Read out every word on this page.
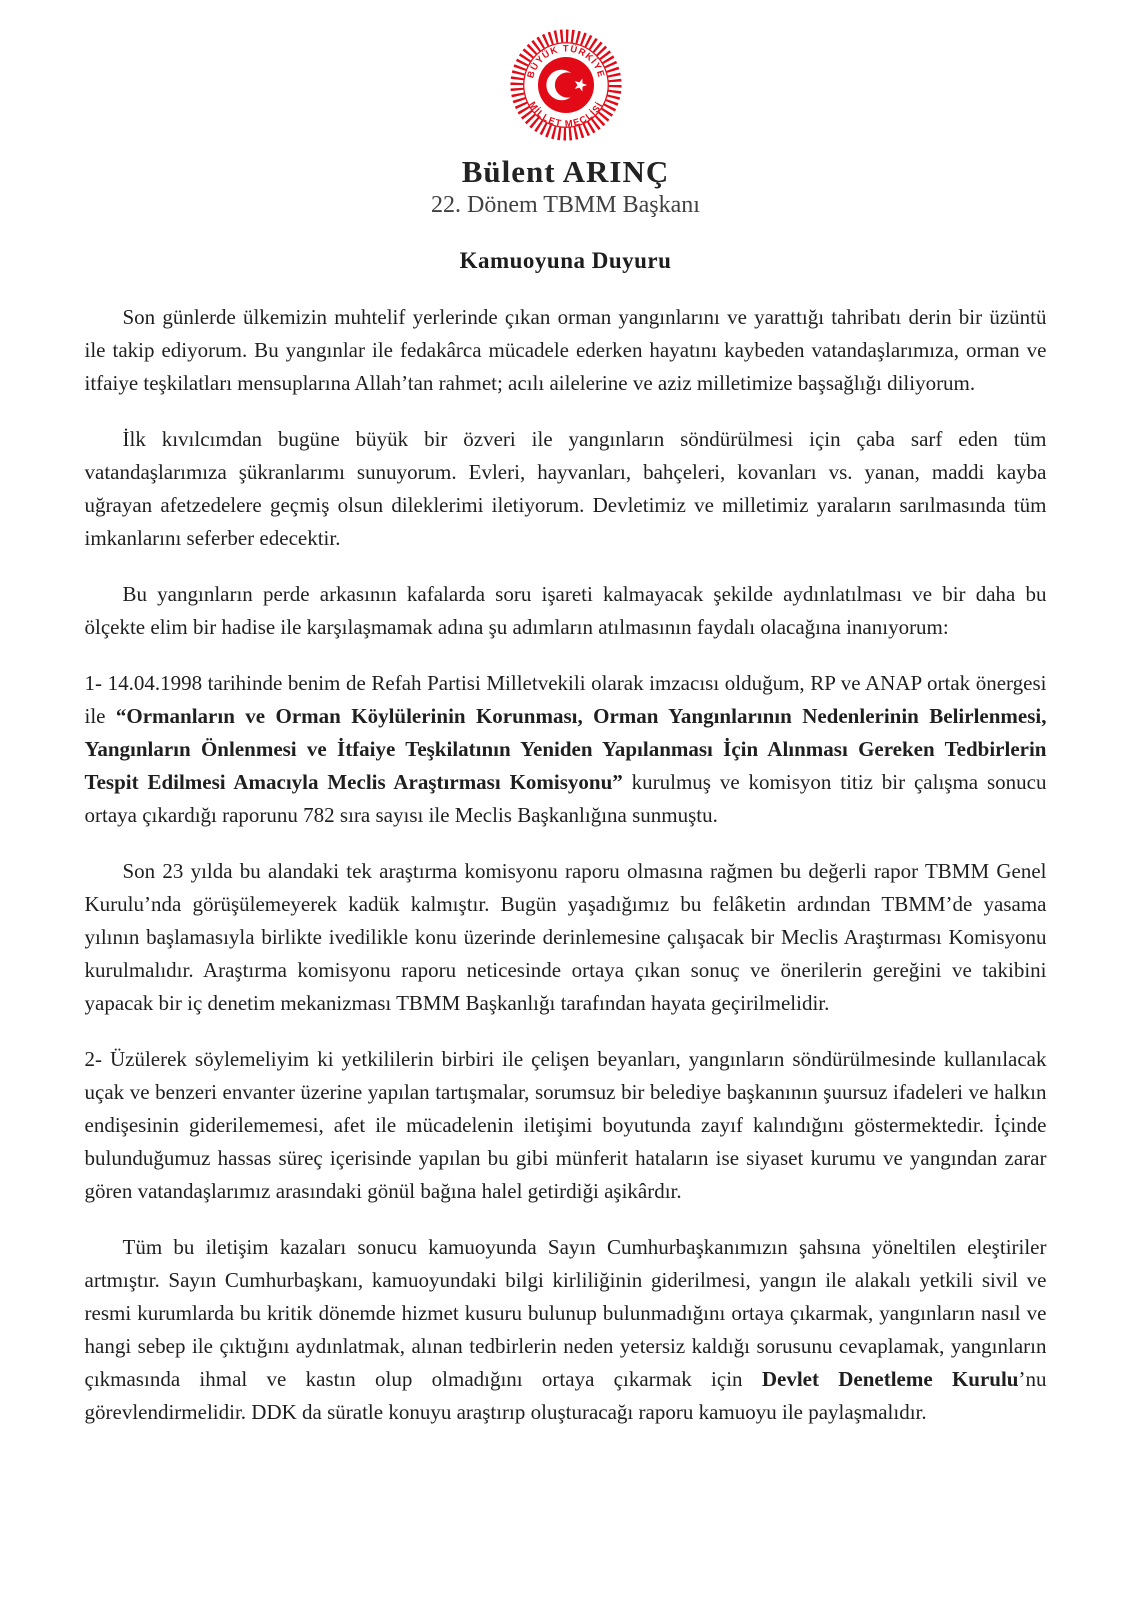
BÜYÜK TÜRKİYE
MİLLET MECLİSİ
Bülent ARINÇ
22. Dönem TBMM Başkanı
Kamuoyuna Duyuru

Son günlerde ülkemizin muhtelif yerlerinde çıkan orman yangınlarını ve yarattığı tahribatı derin bir üzüntü ile takip ediyorum. Bu yangınlar ile fedakârca mücadele ederken hayatını kaybeden vatandaşlarımıza, orman ve itfaiye teşkilatları mensuplarına Allah’tan rahmet; acılı ailelerine ve aziz milletimize başsağlığı diliyorum.

İlk kıvılcımdan bugüne büyük bir özveri ile yangınların söndürülmesi için çaba sarf eden tüm vatandaşlarımıza şükranlarımı sunuyorum. Evleri, hayvanları, bahçeleri, kovanları vs. yanan, maddi kayba uğrayan afetzedelere geçmiş olsun dileklerimi iletiyorum. Devletimiz ve milletimiz yaraların sarılmasında tüm imkanlarını seferber edecektir.

Bu yangınların perde arkasının kafalarda soru işareti kalmayacak şekilde aydınlatılması ve bir daha bu ölçekte elim bir hadise ile karşılaşmamak adına şu adımların atılmasının faydalı olacağına inanıyorum:

1- 14.04.1998 tarihinde benim de Refah Partisi Milletvekili olarak imzacısı olduğum, RP ve ANAP ortak önergesi ile “Ormanların ve Orman Köylülerinin Korunması, Orman Yangınlarının Nedenlerinin Belirlenmesi, Yangınların Önlenmesi ve İtfaiye Teşkilatının Yeniden Yapılanması İçin Alınması Gereken Tedbirlerin Tespit Edilmesi Amacıyla Meclis Araştırması Komisyonu” kurulmuş ve komisyon titiz bir çalışma sonucu ortaya çıkardığı raporunu 782 sıra sayısı ile Meclis Başkanlığına sunmuştu.

Son 23 yılda bu alandaki tek araştırma komisyonu raporu olmasına rağmen bu değerli rapor TBMM Genel Kurulu’nda görüşülemeyerek kadük kalmıştır. Bugün yaşadığımız bu felâketin ardından TBMM’de yasama yılının başlamasıyla birlikte ivedilikle konu üzerinde derinlemesine çalışacak bir Meclis Araştırması Komisyonu kurulmalıdır. Araştırma komisyonu raporu neticesinde ortaya çıkan sonuç ve önerilerin gereğini ve takibini yapacak bir iç denetim mekanizması TBMM Başkanlığı tarafından hayata geçirilmelidir.

2- Üzülerek söylemeliyim ki yetkililerin birbiri ile çelişen beyanları, yangınların söndürülmesinde kullanılacak uçak ve benzeri envanter üzerine yapılan tartışmalar, sorumsuz bir belediye başkanının şuursuz ifadeleri ve halkın endişesinin giderilememesi, afet ile mücadelenin iletişimi boyutunda zayıf kalındığını göstermektedir. İçinde bulunduğumuz hassas süreç içerisinde yapılan bu gibi münferit hataların ise siyaset kurumu ve yangından zarar gören vatandaşlarımız arasındaki gönül bağına halel getirdiği aşikârdır.

Tüm bu iletişim kazaları sonucu kamuoyunda Sayın Cumhurbaşkanımızın şahsına yöneltilen eleştiriler artmıştır. Sayın Cumhurbaşkanı, kamuoyundaki bilgi kirliliğinin giderilmesi, yangın ile alakalı yetkili sivil ve resmi kurumlarda bu kritik dönemde hizmet kusuru bulunup bulunmadığını ortaya çıkarmak, yangınların nasıl ve hangi sebep ile çıktığını aydınlatmak, alınan tedbirlerin neden yetersiz kaldığı sorusunu cevaplamak, yangınların çıkmasında ihmal ve kastın olup olmadığını ortaya çıkarmak için Devlet Denetleme Kurulu’nu görevlendirmelidir. DDK da süratle konuyu araştırıp oluşturacağı raporu kamuoyu ile paylaşmalıdır.
